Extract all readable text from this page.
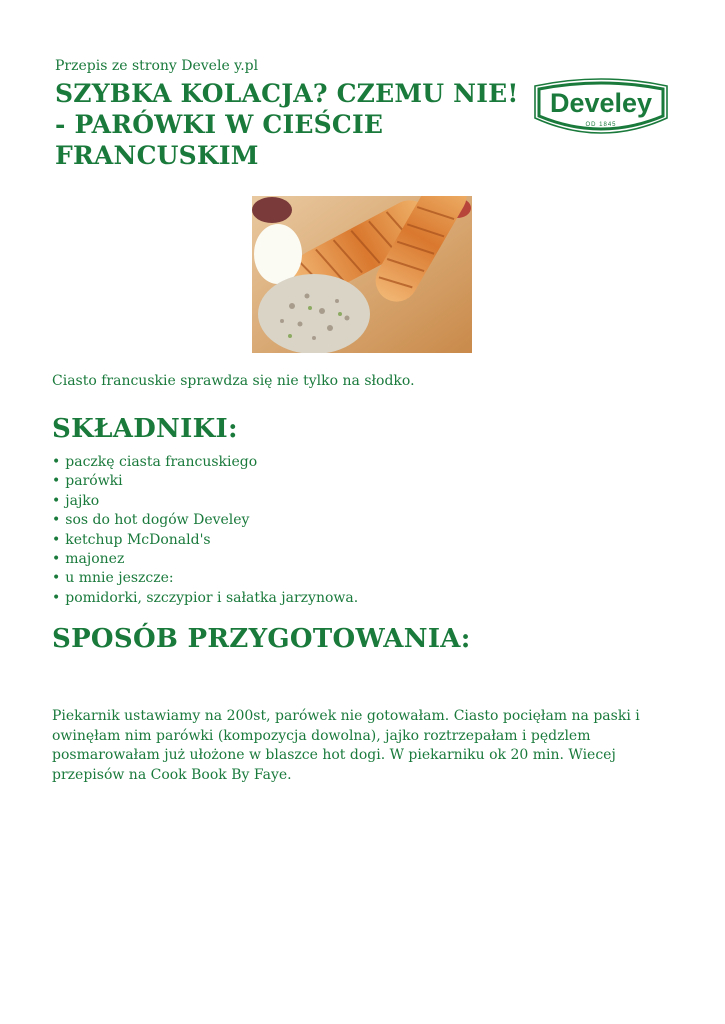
Przepis ze strony Devele y.pl
SZYBKA KOLACJA? CZEMU NIE! - PARÓWKI W CIEŚCIE FRANCUSKIM
Develey
OD 1845
Ciasto francuskie sprawdza się nie tylko na słodko.
SKŁADNIKI:
• paczkę ciasta francuskiego
• parówki
• jajko
• sos do hot dogów Develey
• ketchup McDonald's
• majonez
• u mnie jeszcze:
• pomidorki, szczypior i sałatka jarzynowa.
SPOSÓB PRZYGOTOWANIA:

Piekarnik ustawiamy na 200st, parówek nie gotowałam. Ciasto pocięłam na paski i owinęłam nim parówki (kompozycja dowolna), jajko roztrzepałam i pędzlem posmarowałam już ułożone w blaszce hot dogi. W piekarniku ok 20 min. Wiecej przepisów na Cook Book By Faye.
